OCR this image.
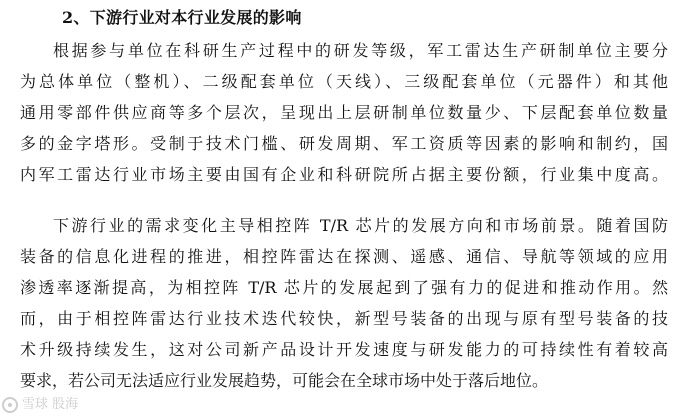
2、下游行业对本行业发展的影响
根据参与单位在科研生产过程中的研发等级，军工雷达生产研制单位主要分
为总体单位（整机）、二级配套单位（天线）、三级配套单位（元器件）和其他
通用零部件供应商等多个层次，呈现出上层研制单位数量少、下层配套单位数量
多的金字塔形。受制于技术门槛、研发周期、军工资质等因素的影响和制约，国
内军工雷达行业市场主要由国有企业和科研院所占据主要份额，行业集中度高。
下游行业的需求变化主导相控阵 T/R 芯片的发展方向和市场前景。随着国防
装备的信息化进程的推进，相控阵雷达在探测、遥感、通信、导航等领域的应用
渗透率逐渐提高，为相控阵 T/R 芯片的发展起到了强有力的促进和推动作用。然
而，由于相控阵雷达行业技术迭代较快，新型号装备的出现与原有型号装备的技
术升级持续发生，这对公司新产品设计开发速度与研发能力的可持续性有着较高
要求，若公司无法适应行业发展趋势，可能会在全球市场中处于落后地位。
雪球 股海
